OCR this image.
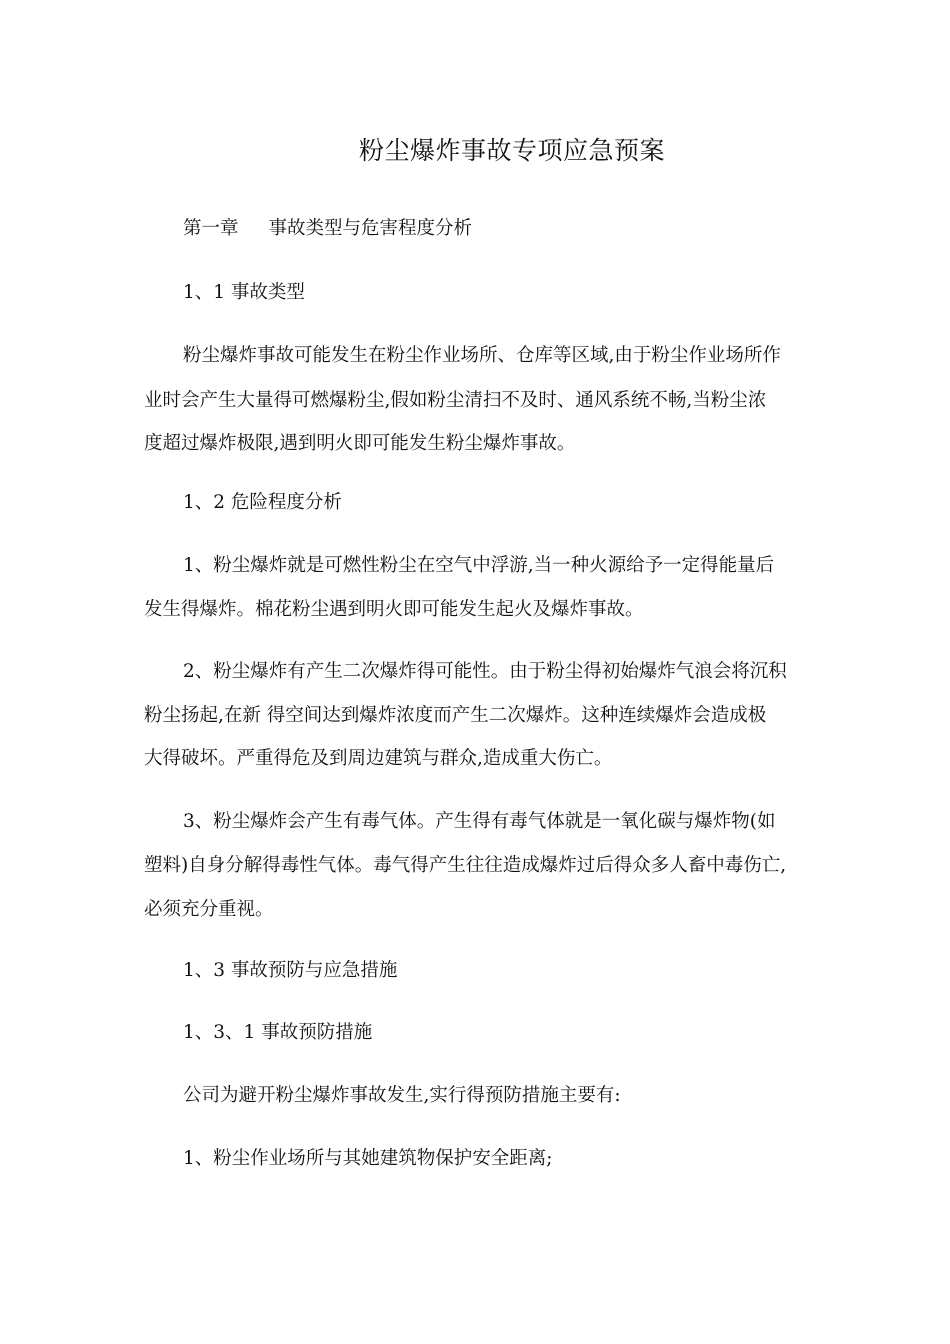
粉尘爆炸事故专项应急预案
第一章 事故类型与危害程度分析
1、1 事故类型
粉尘爆炸事故可能发生在粉尘作业场所、仓库等区域,由于粉尘作业场所作
业时会产生大量得可燃爆粉尘,假如粉尘清扫不及时、通风系统不畅,当粉尘浓
度超过爆炸极限,遇到明火即可能发生粉尘爆炸事故。
1、2 危险程度分析
1、粉尘爆炸就是可燃性粉尘在空气中浮游,当一种火源给予一定得能量后
发生得爆炸。棉花粉尘遇到明火即可能发生起火及爆炸事故。
2、粉尘爆炸有产生二次爆炸得可能性。由于粉尘得初始爆炸气浪会将沉积
粉尘扬起,在新 得空间达到爆炸浓度而产生二次爆炸。这种连续爆炸会造成极
大得破坏。严重得危及到周边建筑与群众,造成重大伤亡。
3、粉尘爆炸会产生有毒气体。产生得有毒气体就是一氧化碳与爆炸物(如
塑料)自身分解得毒性气体。毒气得产生往往造成爆炸过后得众多人畜中毒伤亡,
必须充分重视。
1、3 事故预防与应急措施
1、3、1 事故预防措施
公司为避开粉尘爆炸事故发生,实行得预防措施主要有:
1、粉尘作业场所与其她建筑物保护安全距离;
